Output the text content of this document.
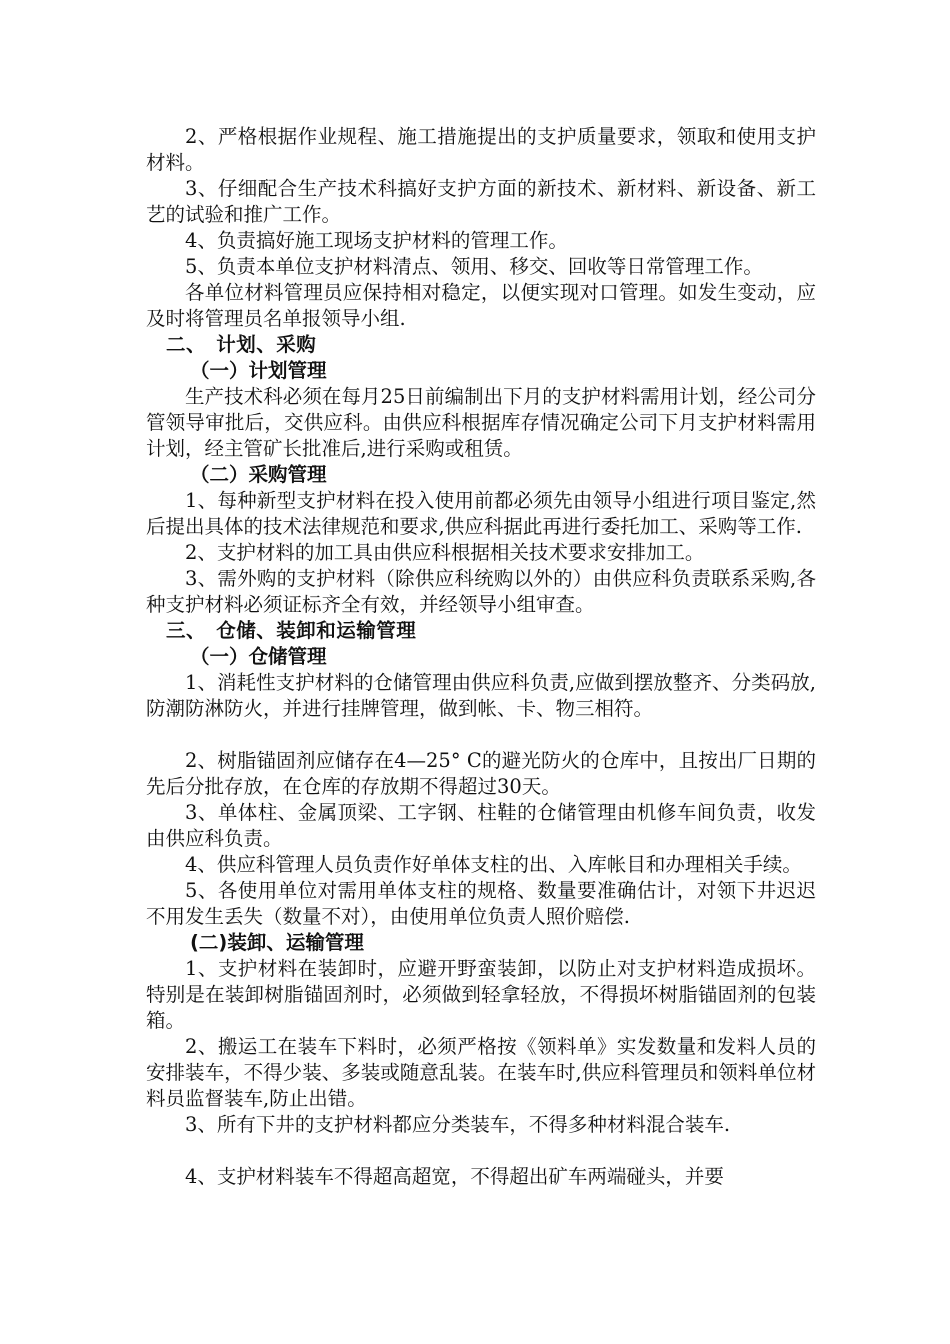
2、严格根据作业规程、施工措施提出的支护质量要求，领取和使用支护材料。

3、仔细配合生产技术科搞好支护方面的新技术、新材料、新设备、新工艺的试验和推广工作。

4、负责搞好施工现场支护材料的管理工作。

5、负责本单位支护材料清点、领用、移交、回收等日常管理工作。

各单位材料管理员应保持相对稳定，以便实现对口管理。如发生变动，应及时将管理员名单报领导小组.

二、　计划、采购

（一）计划管理

生产技术科必须在每月25日前编制出下月的支护材料需用计划，经公司分管领导审批后，交供应科。由供应科根据库存情况确定公司下月支护材料需用计划，经主管矿长批准后,进行采购或租赁。

（二）采购管理

1、每种新型支护材料在投入使用前都必须先由领导小组进行项目鉴定,然后提出具体的技术法律规范和要求,供应科据此再进行委托加工、采购等工作.

2、支护材料的加工具由供应科根据相关技术要求安排加工。

3、需外购的支护材料（除供应科统购以外的）由供应科负责联系采购,各种支护材料必须证标齐全有效，并经领导小组审查。

三、　仓储、装卸和运输管理

（一）仓储管理

1、消耗性支护材料的仓储管理由供应科负责,应做到摆放整齐、分类码放,防潮防淋防火，并进行挂牌管理，做到帐、卡、物三相符。

2、树脂锚固剂应储存在4—25° C的避光防火的仓库中，且按出厂日期的先后分批存放，在仓库的存放期不得超过30天。

3、单体柱、金属顶梁、工字钢、柱鞋的仓储管理由机修车间负责，收发由供应科负责。

4、供应科管理人员负责作好单体支柱的出、入库帐目和办理相关手续。

5、各使用单位对需用单体支柱的规格、数量要准确估计，对领下井迟迟不用发生丢失（数量不对），由使用单位负责人照价赔偿.

(二)装卸、运输管理

1、支护材料在装卸时，应避开野蛮装卸，以防止对支护材料造成损坏。特别是在装卸树脂锚固剂时，必须做到轻拿轻放，不得损坏树脂锚固剂的包装箱。

2、搬运工在装车下料时，必须严格按《领料单》实发数量和发料人员的安排装车，不得少装、多装或随意乱装。在装车时,供应科管理员和领料单位材料员监督装车,防止出错。

3、所有下井的支护材料都应分类装车，不得多种材料混合装车.

4、支护材料装车不得超高超宽，不得超出矿车两端碰头，并要
